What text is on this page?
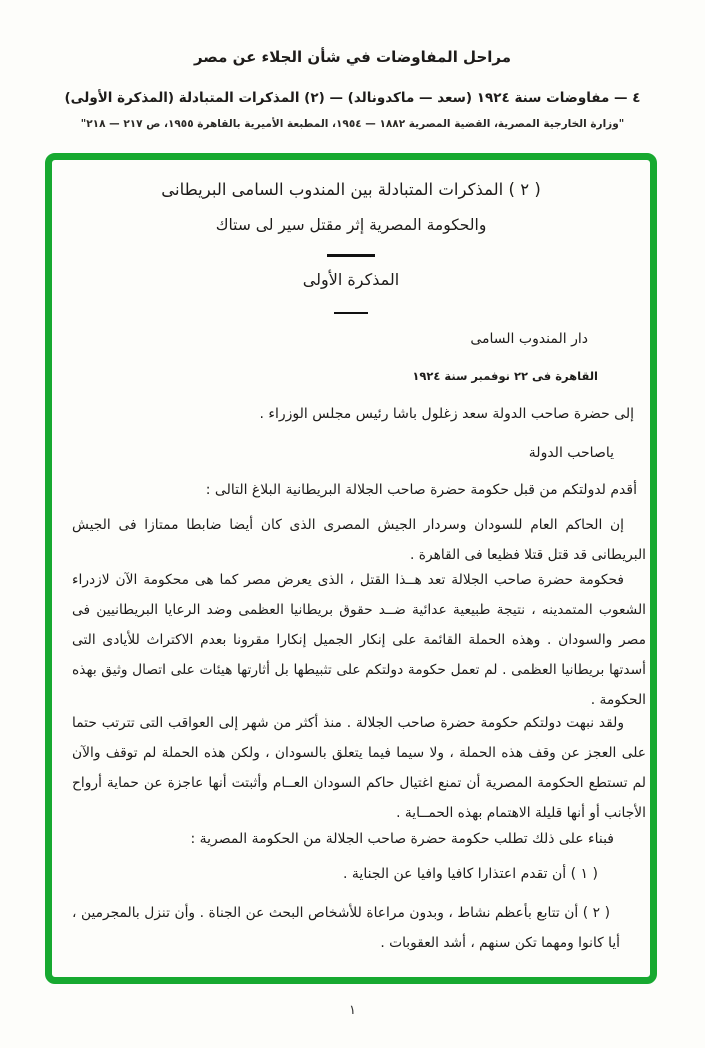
مراحل المفاوضات في شأن الجلاء عن مصر
٤ — مفاوضات سنة ١٩٢٤ (سعد — ماكدونالد) — (٢) المذكرات المتبادلة (المذكرة الأولى)
"وزارة الخارجية المصرية، القضية المصرية ١٨٨٢ — ١٩٥٤، المطبعة الأميرية بالقاهرة ١٩٥٥، ص ٢١٧ — ٢١٨"
( ٢ ) المذكرات المتبادلة بين المندوب السامى البريطانى
والحكومة المصرية إثر مقتل سير لى ستاك
المذكرة الأولى
دار المندوب السامى
القاهرة فى ٢٢ نوفمبر سنة ١٩٢٤
إلى حضرة صاحب الدولة سعد زغلول باشا رئيس مجلس الوزراء .
ياصاحب الدولة
أقدم لدولتكم من قبل حكومة حضرة صاحب الجلالة البريطانية البلاغ التالى :
إن الحاكم العام للسودان وسردار الجيش المصرى الذى كان أيضا ضابطا ممتازا فى الجيش البريطانى قد قتل قتلا فظيعا فى القاهرة .
فحكومة حضرة صاحب الجلالة تعد هــذا القتل ، الذى يعرض مصر كما هى محكومة الآن لازدراء الشعوب المتمدينه ، نتيجة طبيعية عدائية ضــد حقوق بريطانيا العظمى وضد الرعايا البريطانيين فى مصر والسودان . وهذه الحملة القائمة على إنكار الجميل إنكارا مقرونا بعدم الاكتراث للأيادى التى أسدتها بريطانيا العظمى . لم تعمل حكومة دولتكم على تثبيطها بل أثارتها هيئات على اتصال وثيق بهذه الحكومة .
ولقد نبهت دولتكم حكومة حضرة صاحب الجلالة . منذ أكثر من شهر إلى العواقب التى تترتب حتما على العجز عن وقف هذه الحملة ، ولا سيما فيما يتعلق بالسودان ، ولكن هذه الحملة لم توقف والآن لم تستطع الحكومة المصرية أن تمنع اغتيال حاكم السودان العــام وأثبتت أنها عاجزة عن حماية أرواح الأجانب أو أنها قليلة الاهتمام بهذه الحمــاية .
فبناء على ذلك تطلب حكومة حضرة صاحب الجلالة من الحكومة المصرية :
( ١ ) أن تقدم اعتذارا كافيا وافيا عن الجناية .
( ٢ ) أن تتابع بأعظم نشاط ، وبدون مراعاة للأشخاص البحث عن الجناة . وأن تنزل بالمجرمين ، أيا كانوا ومهما تكن سنهم ، أشد العقوبات .
١
